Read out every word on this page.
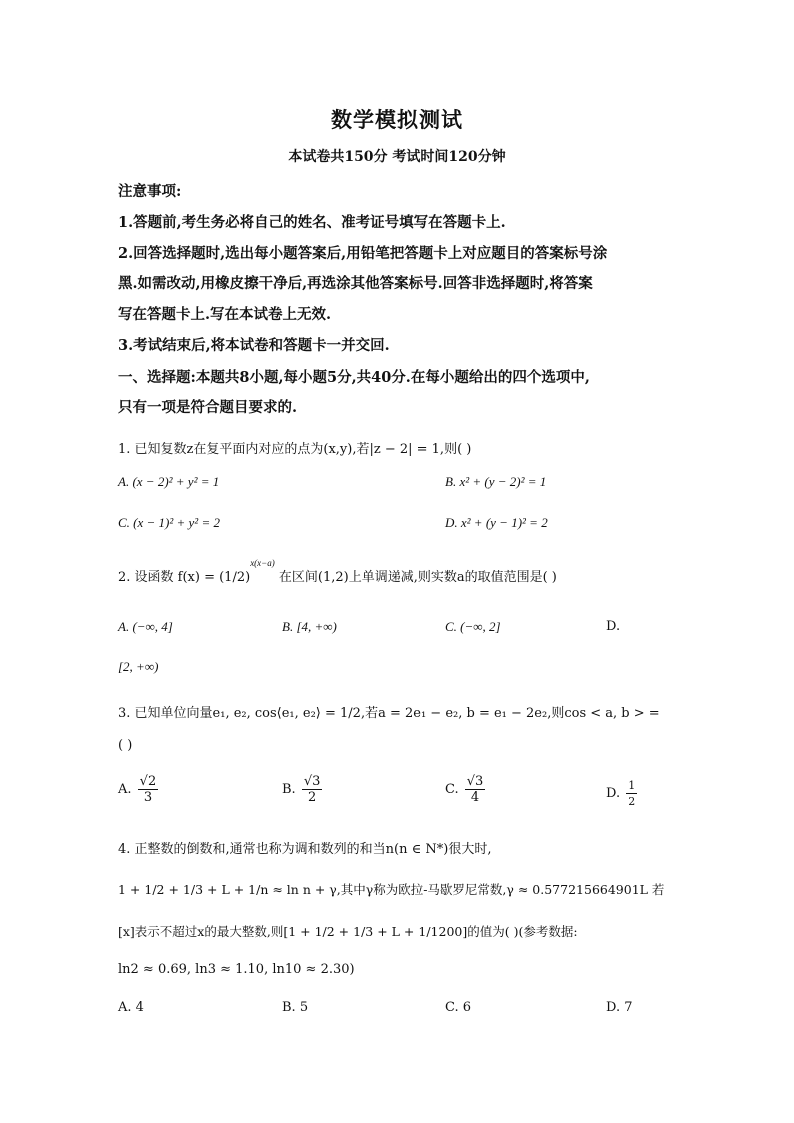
数学模拟测试
本试卷共150分 考试时间120分钟
注意事项:
1.答题前,考生务必将自己的姓名、准考证号填写在答题卡上.
2.回答选择题时,选出每小题答案后,用铅笔把答题卡上对应题目的答案标号涂
黑.如需改动,用橡皮擦干净后,再选涂其他答案标号.回答非选择题时,将答案
写在答题卡上.写在本试卷上无效.
3.考试结束后,将本试卷和答题卡一并交回.
一、选择题:本题共8小题,每小题5分,共40分.在每小题给出的四个选项中,
只有一项是符合题目要求的.
1. 已知复数z在复平面内对应的点为(x,y),若|z − 2| = 1,则( )
A. (x − 2)² + y² = 1	B. x² + (y − 2)² = 1
C. (x − 1)² + y² = 2	D. x² + (y − 1)² = 2
2. 设函数 $f(x) = (1/2)^{x(x-a)}$ 在区间(1,2)上单调递减,则实数a的取值范围是( )
A. (−∞, 4]	B. [4, +∞)	C. (−∞, 2]	D.
[2, +∞)
3. 已知单位向量e₁, e₂, cos⟨e₁, e₂⟩ = 1/2,若a = 2e₁ − e₂, b = e₁ − 2e₂,则cos < a, b > =
( )
A. $\frac{√2}{3}$	B. $\frac{√3}{2}$	C. $\frac{√3}{4}$	D. $\frac{1}{2}$
4. 正整数的倒数和,通常也称为调和数列的和当n(n ∈ N*)很大时,
1 + 1/2 + 1/3 + L + 1/n ≈ ln n + γ,其中γ称为欧拉-马歇罗尼常数,γ ≈ 0.577215664901L 若
[x]表示不超过x的最大整数,则[1 + 1/2 + 1/3 + L + 1/1200]的值为( )(参考数据:
ln2 ≈ 0.69, ln3 ≈ 1.10, ln10 ≈ 2.30)
A. 4	B. 5	C. 6	D. 7
